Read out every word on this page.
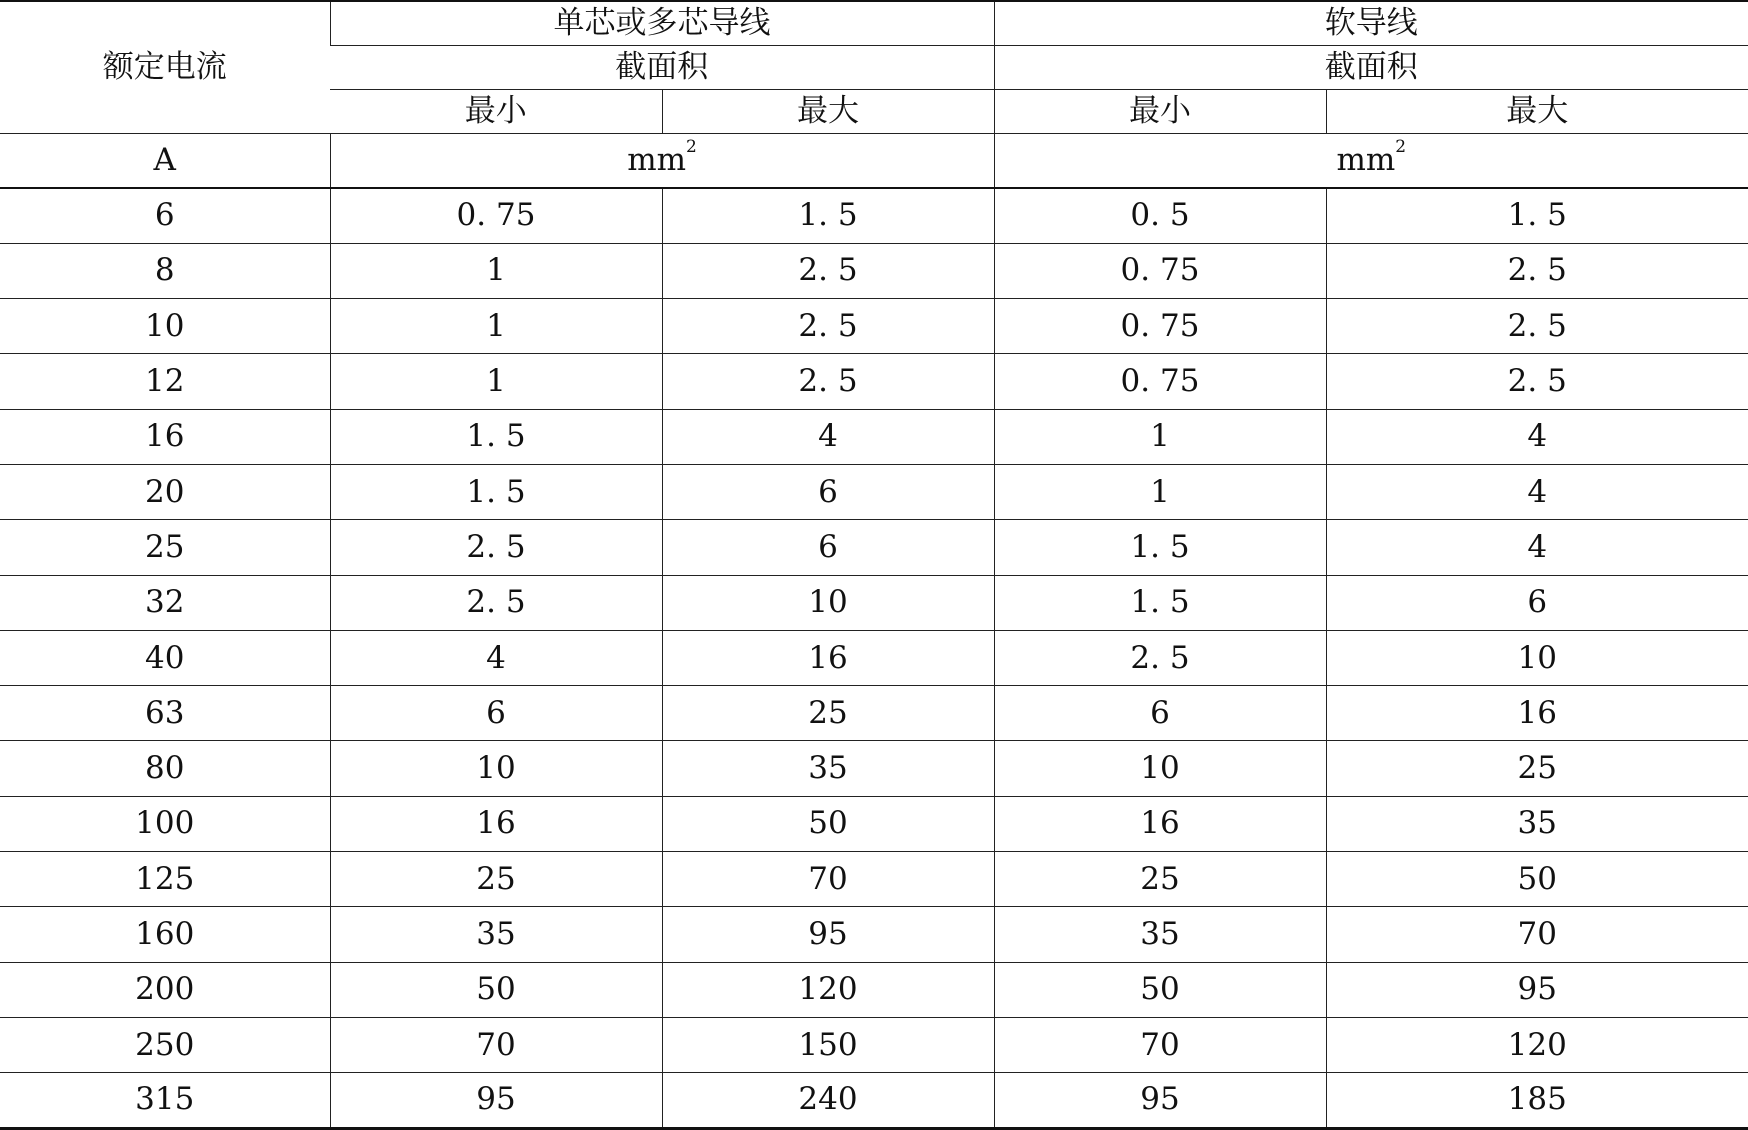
额定电流	单芯或多芯导线		软导线	
	截面积		截面积	
	最小	最大	最小	最大
A	$mm^2$		$mm^2$
6	0. 75	1. 5	0. 5	1. 5
8	1	2. 5	0. 75	2. 5
10	1	2. 5	0. 75	2. 5
12	1	2. 5	0. 75	2. 5
16	1. 5	4	1	4
20	1. 5	6	1	4
25	2. 5	6	1. 5	4
32	2. 5	10	1. 5	6
40	4	16	2. 5	10
63	6	25	6	16
80	10	35	10	25
100	16	50	16	35
125	25	70	25	50
160	35	95	35	70
200	50	120	50	95
250	70	150	70	120
315	95	240	95	185
